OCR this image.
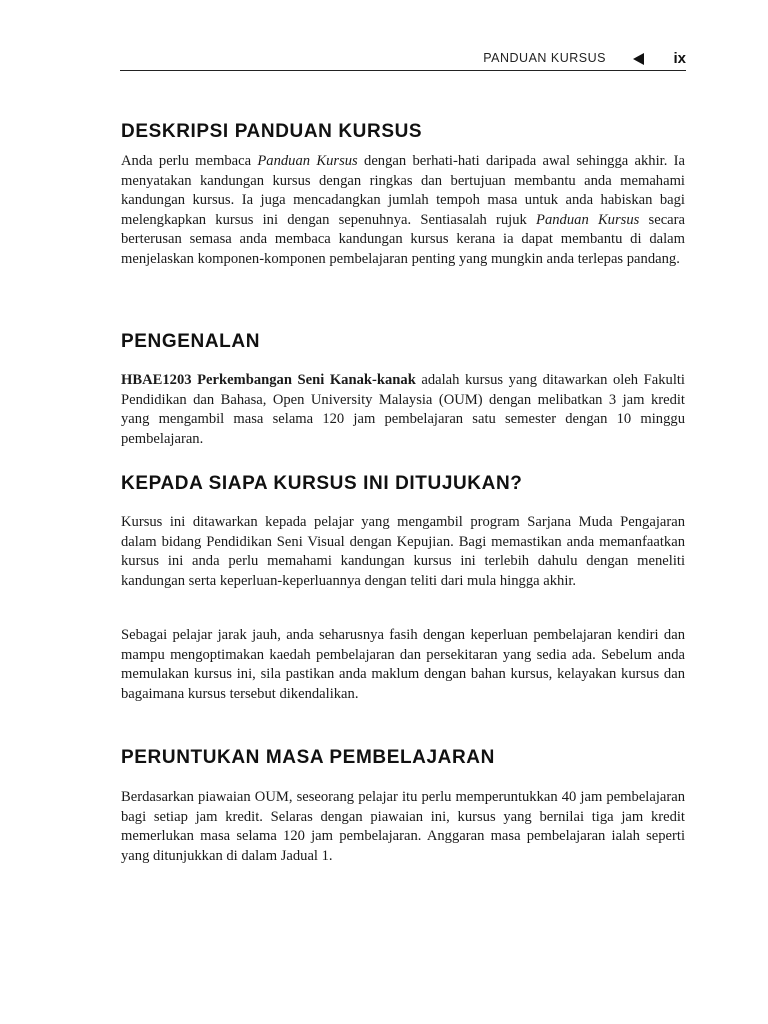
PANDUAN KURSUS	ix
DESKRIPSI PANDUAN KURSUS

Anda perlu membaca Panduan Kursus dengan berhati-hati daripada awal sehingga akhir. Ia menyatakan kandungan kursus dengan ringkas dan bertujuan membantu anda memahami kandungan kursus. Ia juga mencadangkan jumlah tempoh masa untuk anda habiskan bagi melengkapkan kursus ini dengan sepenuhnya. Sentiasalah rujuk Panduan Kursus secara berterusan semasa anda membaca kandungan kursus kerana ia dapat membantu di dalam menjelaskan komponen-komponen pembelajaran penting yang mungkin anda terlepas pandang.

PENGENALAN

HBAE1203 Perkembangan Seni Kanak-kanak adalah kursus yang ditawarkan oleh Fakulti Pendidikan dan Bahasa, Open University Malaysia (OUM) dengan melibatkan 3 jam kredit yang mengambil masa selama 120 jam pembelajaran satu semester dengan 10 minggu pembelajaran.

KEPADA SIAPA KURSUS INI DITUJUKAN?

Kursus ini ditawarkan kepada pelajar yang mengambil program Sarjana Muda Pengajaran dalam bidang Pendidikan Seni Visual dengan Kepujian. Bagi memastikan anda memanfaatkan kursus ini anda perlu memahami kandungan kursus ini terlebih dahulu dengan meneliti kandungan serta keperluan-keperluannya dengan teliti dari mula hingga akhir.

Sebagai pelajar jarak jauh, anda seharusnya fasih dengan keperluan pembelajaran kendiri dan mampu mengoptimakan kaedah pembelajaran dan persekitaran yang sedia ada. Sebelum anda memulakan kursus ini, sila pastikan anda maklum dengan bahan kursus, kelayakan kursus dan bagaimana kursus tersebut dikendalikan.

PERUNTUKAN MASA PEMBELAJARAN

Berdasarkan piawaian OUM, seseorang pelajar itu perlu memperuntukkan 40 jam pembelajaran bagi setiap jam kredit. Selaras dengan piawaian ini, kursus yang bernilai tiga jam kredit memerlukan masa selama 120 jam pembelajaran. Anggaran masa pembelajaran ialah seperti yang ditunjukkan di dalam Jadual 1.
